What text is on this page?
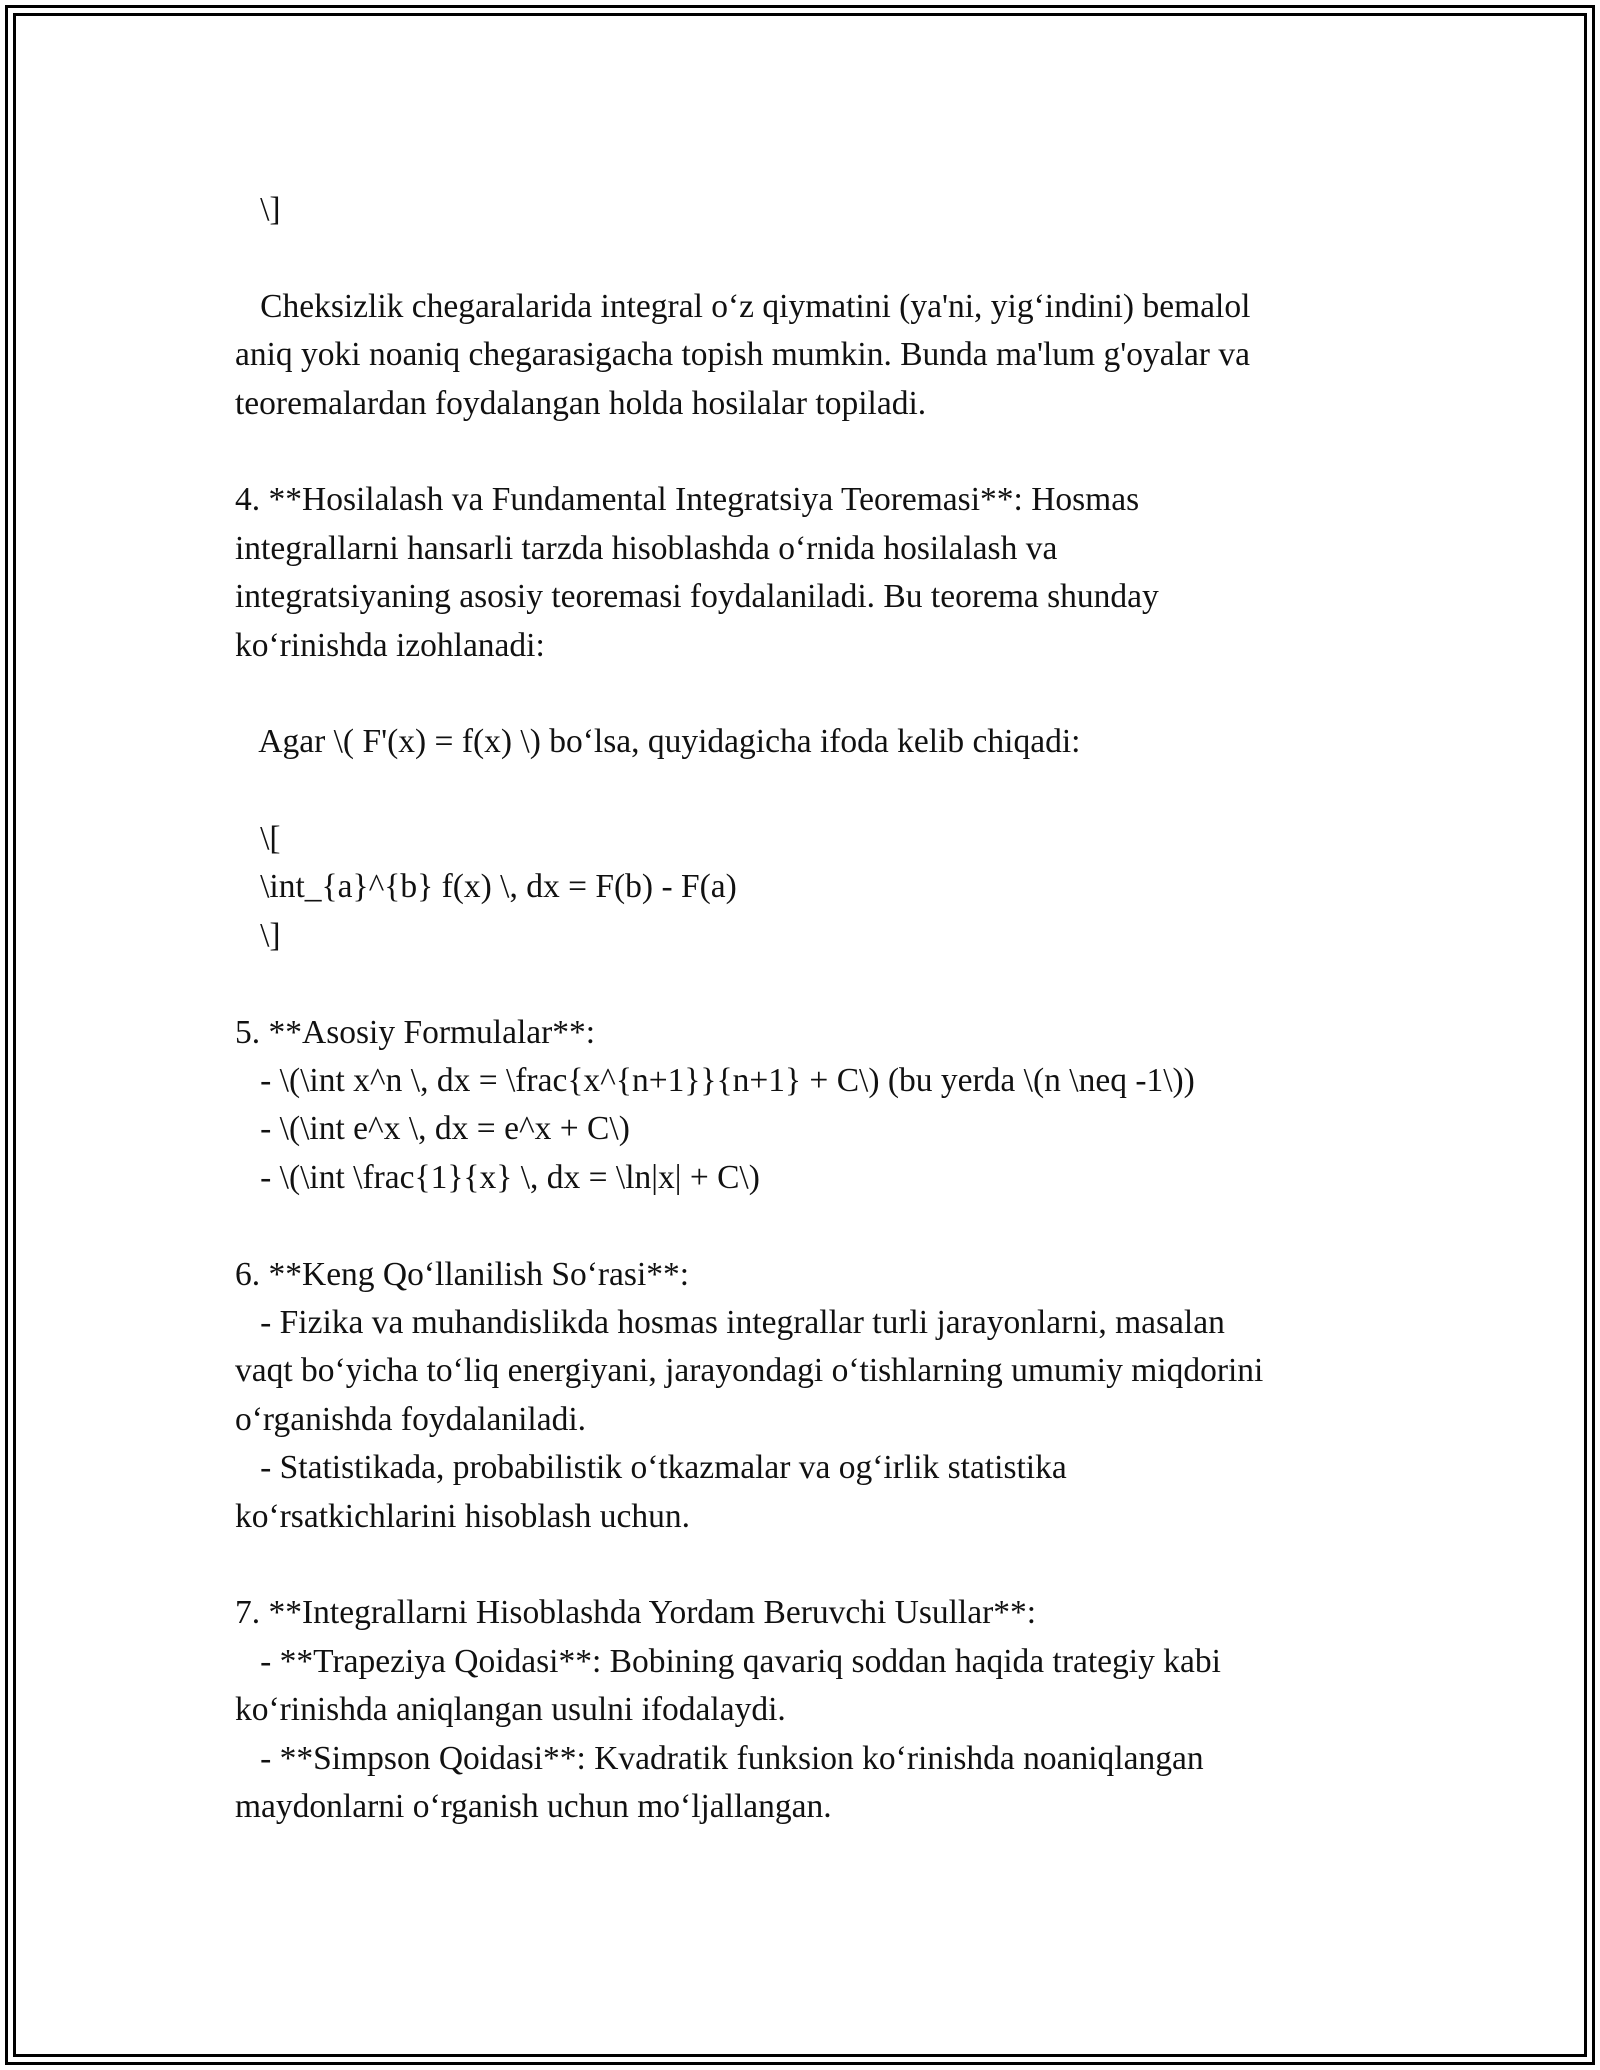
\]
Cheksizlik chegaralarida integral o‘z qiymatini (ya'ni, yig‘indini) bemalol
aniq yoki noaniq chegarasigacha topish mumkin. Bunda ma'lum g'oyalar va
teoremalardan foydalangan holda hosilalar topiladi.
4. **Hosilalash va Fundamental Integratsiya Teoremasi**: Hosmas
integrallarni hansarli tarzda hisoblashda o‘rnida hosilalash va
integratsiyaning asosiy teoremasi foydalaniladi. Bu teorema shunday
ko‘rinishda izohlanadi:
Agar \( F'(x) = f(x) \) bo‘lsa, quyidagicha ifoda kelib chiqadi:
\[
\int_{a}^{b} f(x) \, dx = F(b) - F(a)
\]
5. **Asosiy Formulalar**:
- \(\int x^n \, dx = \frac{x^{n+1}}{n+1} + C\) (bu yerda \(n \neq -1\))
- \(\int e^x \, dx = e^x + C\)
- \(\int \frac{1}{x} \, dx = \ln|x| + C\)
6. **Keng Qo‘llanilish So‘rasi**:
- Fizika va muhandislikda hosmas integrallar turli jarayonlarni, masalan
vaqt bo‘yicha to‘liq energiyani, jarayondagi o‘tishlarning umumiy miqdorini
o‘rganishda foydalaniladi.
- Statistikada, probabilistik o‘tkazmalar va og‘irlik statistika
ko‘rsatkichlarini hisoblash uchun.
7. **Integrallarni Hisoblashda Yordam Beruvchi Usullar**:
- **Trapeziya Qoidasi**: Bobining qavariq soddan haqida trategiy kabi
ko‘rinishda aniqlangan usulni ifodalaydi.
- **Simpson Qoidasi**: Kvadratik funksion ko‘rinishda noaniqlangan
maydonlarni o‘rganish uchun mo‘ljallangan.
